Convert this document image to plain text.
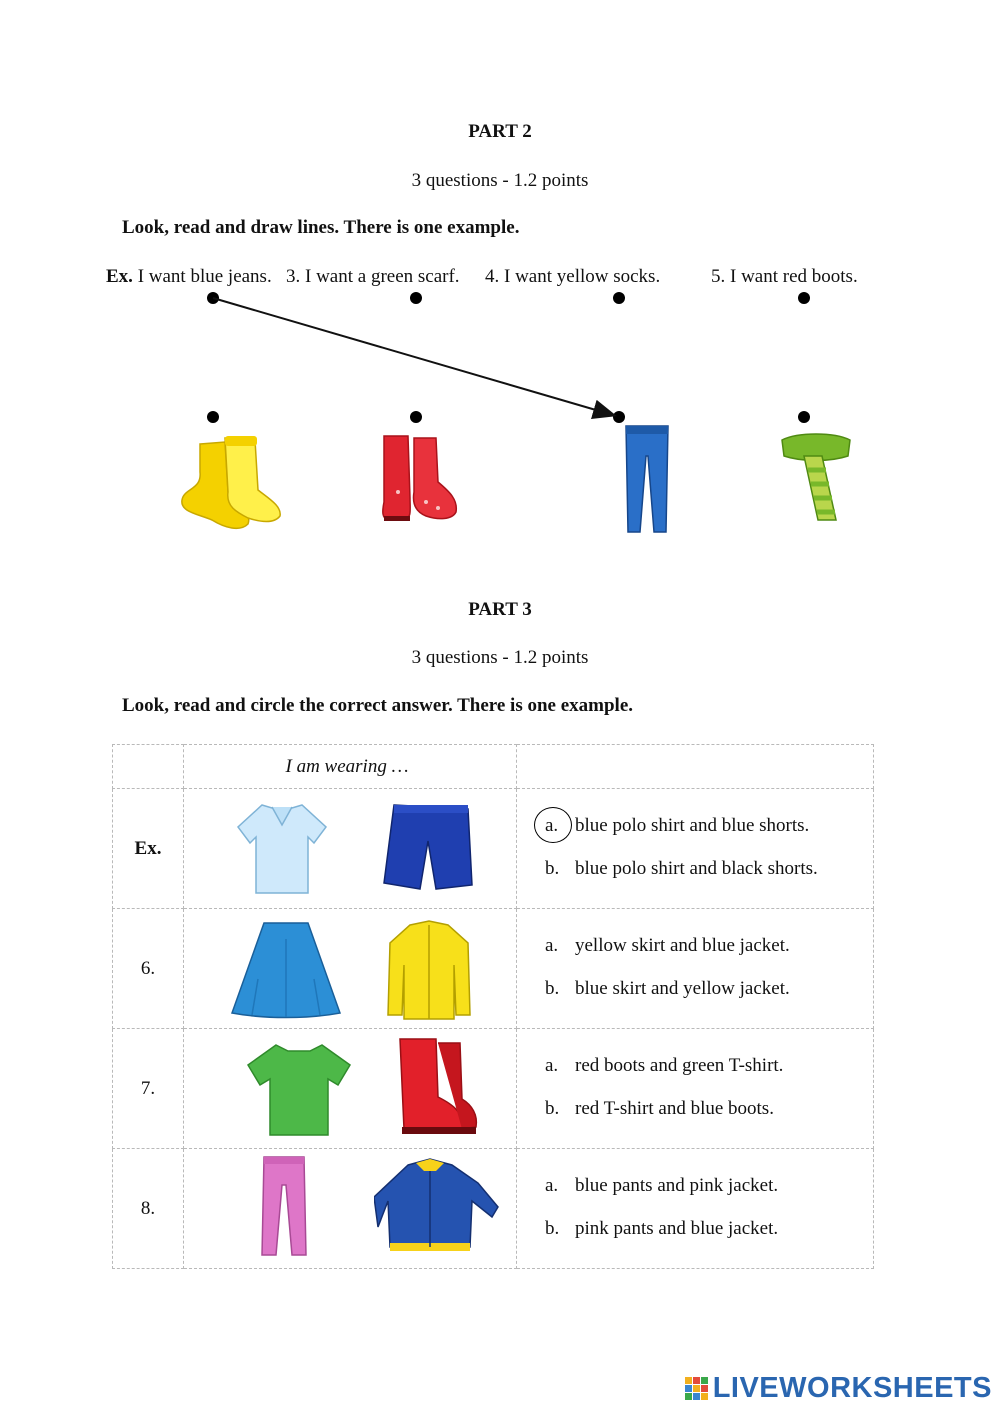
PART 2
3 questions - 1.2 points
Look, read and draw lines. There is one example.
Ex. I want blue jeans. 3. I want a green scarf. 4. I want yellow socks.	5. I want red boots.
PART 3
3 questions - 1.2 points
Look, read and circle the correct answer. There is one example.
	I am wearing …	
Ex.		a. blue polo shirt and blue shorts.
b. blue polo shirt and black shorts.

6.		a. yellow skirt and blue jacket.
b. blue skirt and yellow jacket.

7.		a. red boots and green T-shirt.
b. red T-shirt and blue boots.

8.		a. blue pants and pink jacket.
b. pink pants and blue jacket.
LIVEWORKSHEETS
